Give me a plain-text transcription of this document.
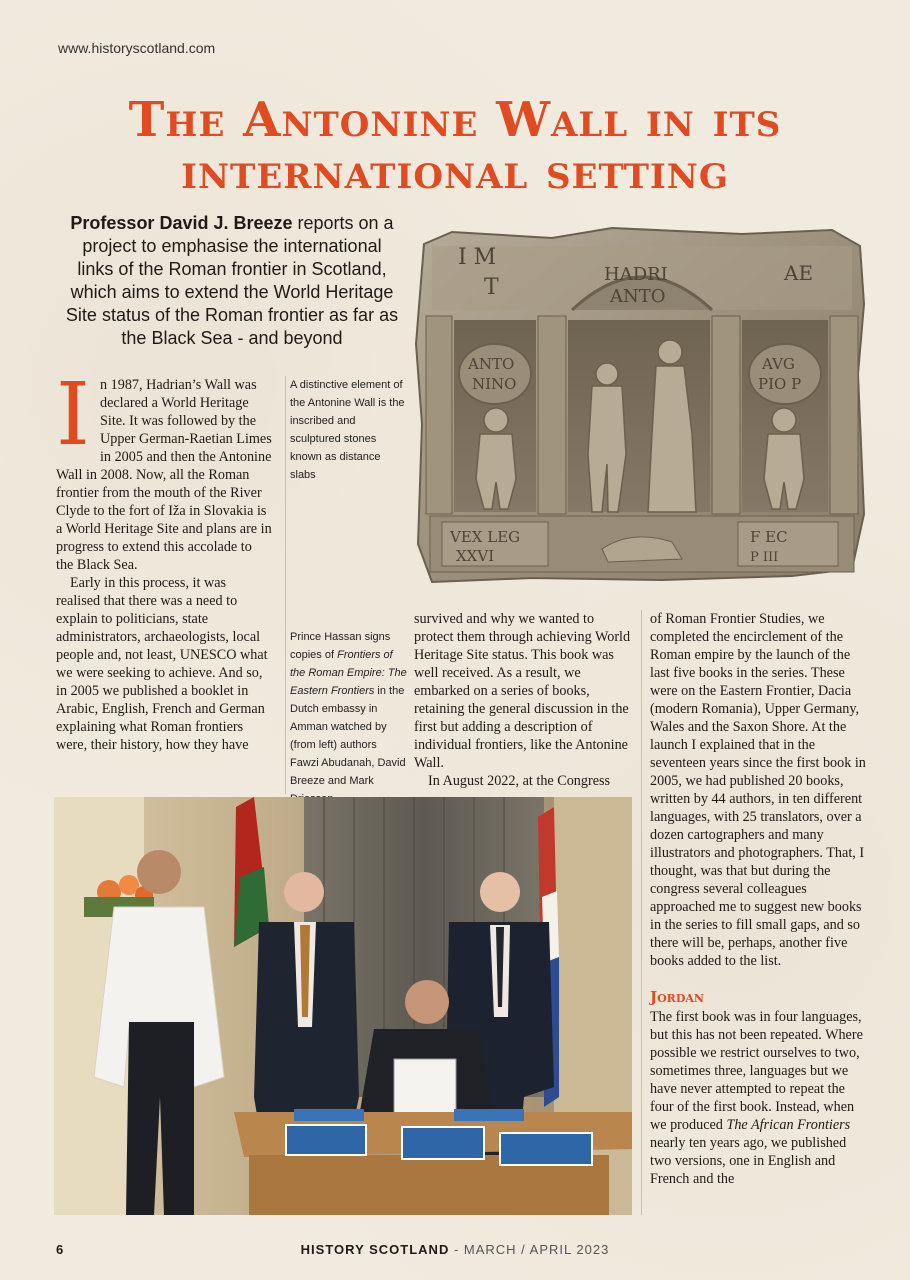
www.historyscotland.com
The Antonine Wall in its
international setting
Professor David J. Breeze reports on a project to emphasise the international links of the Roman frontier in Scotland, which aims to extend the World Heritage Site status of the Roman frontier as far as the Black Sea - and beyond
I M
T
HADRI
ANTO
AE
ANTO
NINO
AVG
PIO P
VEX LEG
XXVI
F EC
P III
I n 1987, Hadrian’s Wall was declared a World Heritage Site. It was followed by the Upper German-Raetian Limes in 2005 and then the Antonine Wall in 2008. Now, all the Roman frontier from the mouth of the River Clyde to the fort of Iža in Slovakia is a World Heritage Site and plans are in progress to extend this accolade to the Black Sea.

Early in this process, it was realised that there was a need to explain to politicians, state administrators, archaeologists, local people and, not least, UNESCO what we were seeking to achieve. And so, in 2005 we published a booklet in Arabic, English, French and German explaining what Roman frontiers were, their history, how they have

A distinctive element of the Antonine Wall is the inscribed and sculptured stones known as distance slabs
Prince Hassan signs copies of Frontiers of the Roman Empire: The Eastern Frontiers in the Dutch embassy in Amman watched by (from left) authors Fawzi Abudanah, David Breeze and Mark

survived and why we wanted to protect them through achieving World Heritage Site status. This book was well received. As a result, we embarked on a series of books, retaining the general discussion in the first but adding a description of individual frontiers, like the Antonine Wall.

In August 2022, at the Congress

of Roman Frontier Studies, we completed the encirclement of the Roman empire by the launch of the last five books in the series. These were on the Eastern Frontier, Dacia (modern Romania), Upper Germany, Wales and the Saxon Shore. At the launch I explained that in the seventeen years since the first book in 2005, we had published 20 books, written by 44 authors, in ten different languages, with 25 translators, over a dozen cartographers and many illustrators and photographers. That, I thought, was that but during the congress several colleagues approached me to suggest new books in the series to fill small gaps, and so there will be, perhaps, another five books added to the list.

Jordan

The first book was in four languages, but this has not been repeated. Where possible we restrict ourselves to two, sometimes three, languages but we have never attempted to repeat the four of the first book. Instead, when we produced The African Frontiers nearly ten years ago, we published two versions, one in English and French and the

6	HISTORY SCOTLAND - MARCH / APRIL 2023
